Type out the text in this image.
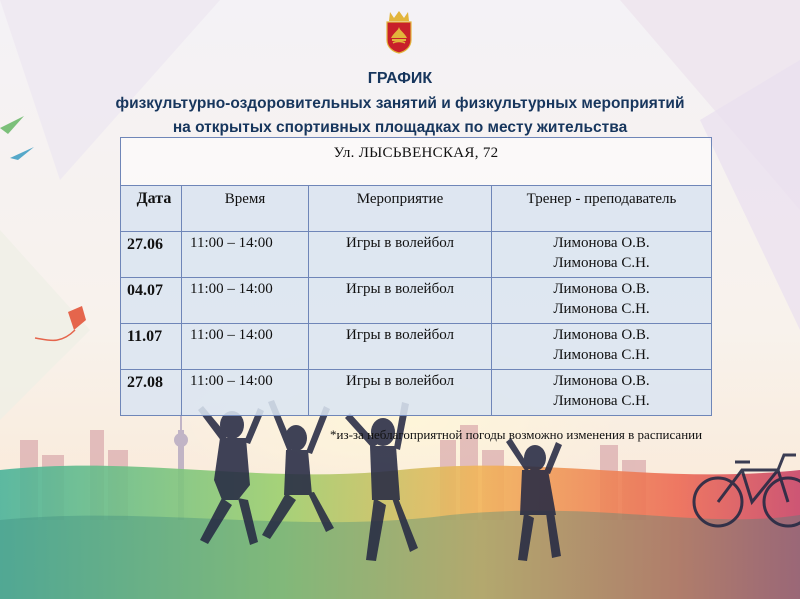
ГРАФИК
физкультурно-оздоровительных занятий и физкультурных мероприятий
на открытых спортивных площадках по месту жительства
Ул. ЛЫСЬВЕНСКАЯ, 72			
Дата	Время	Мероприятие	Тренер - преподаватель
27.06	11:00 – 14:00	Игры в волейбол	Лимонова О.В.
Лимонова С.Н.

04.07	11:00 – 14:00	Игры в волейбол	Лимонова О.В.
Лимонова С.Н.

11.07	11:00 – 14:00	Игры в волейбол	Лимонова О.В.
Лимонова С.Н.

27.08	11:00 – 14:00	Игры в волейбол	Лимонова О.В.
Лимонова С.Н.
*из-за неблагоприятной погоды возможно изменения в расписании
